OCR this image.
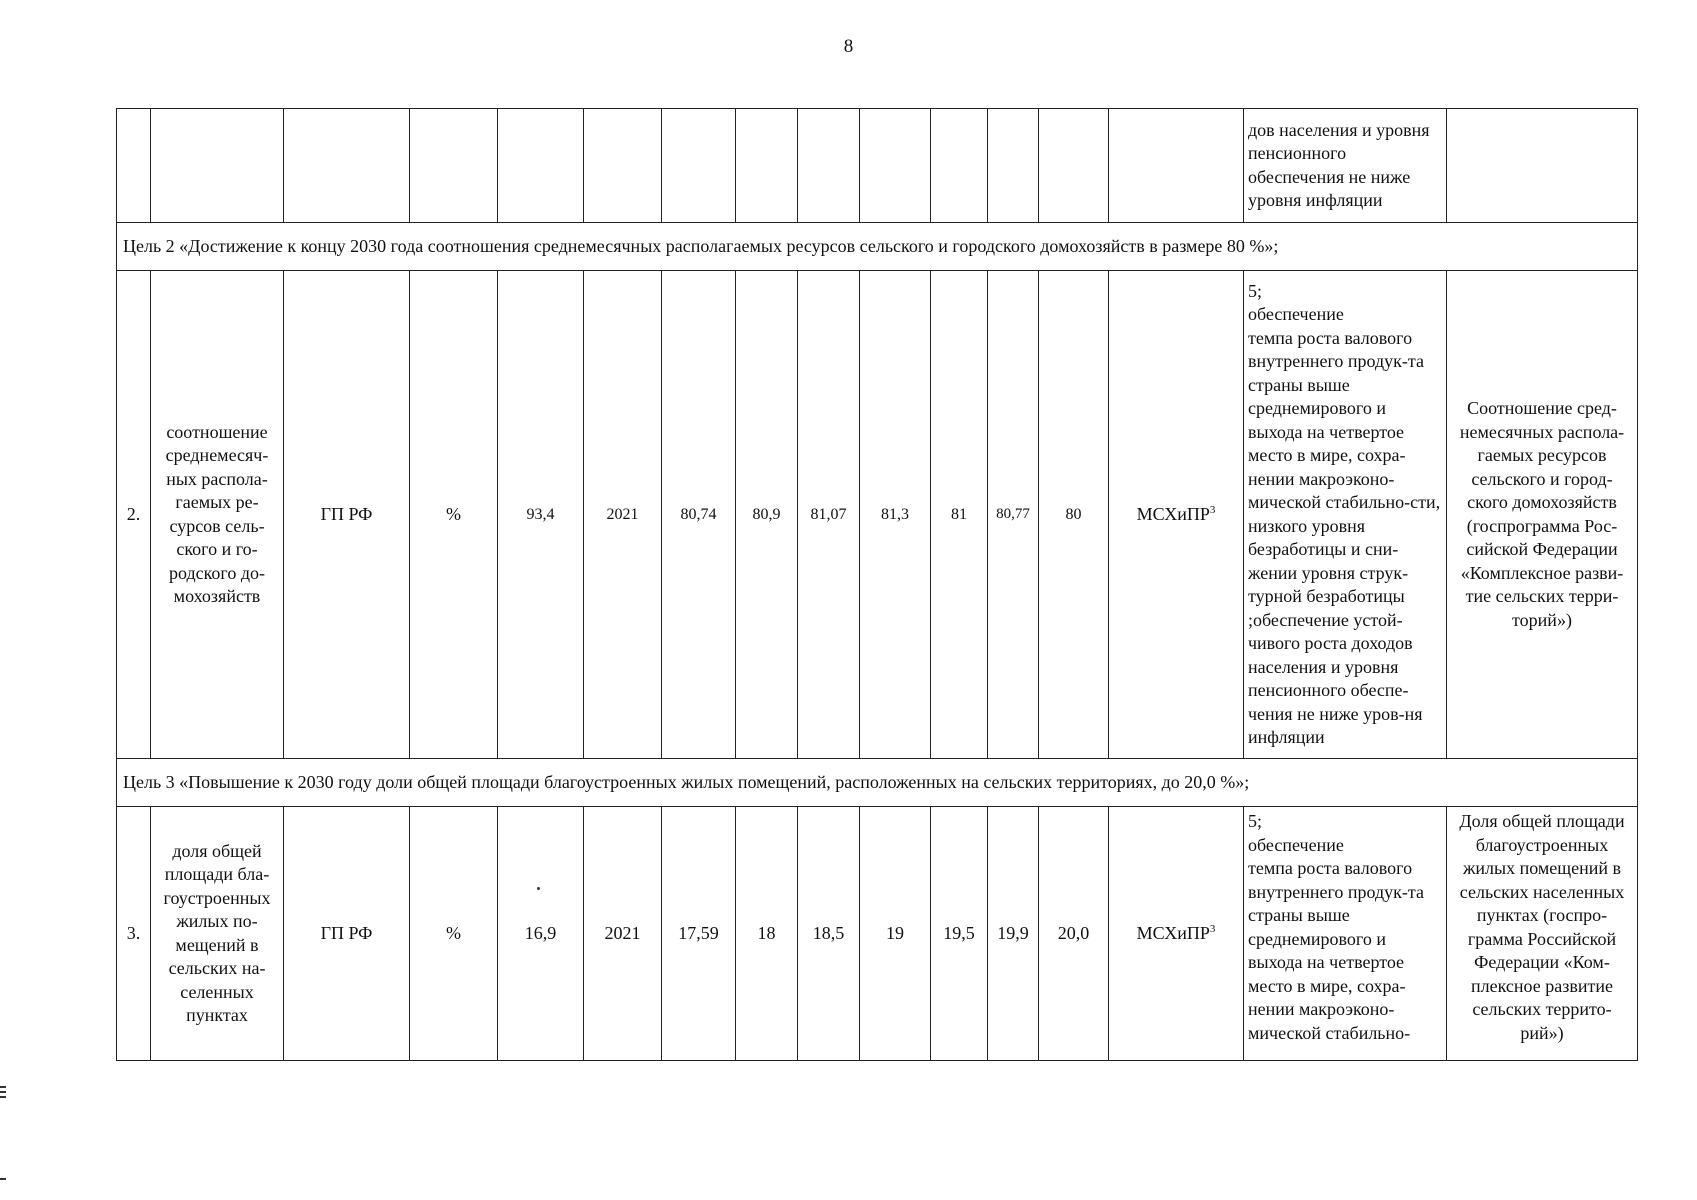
8
														дов населения и уровня пенсионного обеспечения не ниже уровня инфляции	
Цель 2 «Достижение к концу 2030 года соотношения среднемесячных располагаемых ресурсов сельского и городского домохозяйств в размере 80 %»;															
2.	соотношение среднемесяч-ных распола-гаемых ре-сурсов сель-ского и го-родского до-мохозяйств	ГП РФ	%	93,4	2021	80,74	80,9	81,07	81,3	81	80,77	80	МСХиПР$^3$	5;
обеспечение
темпа роста валового внутреннего продук-та страны выше среднемирового и выхода на четвертое место в мире, сохра-нении макроэконо-мической стабильно-сти, низкого уровня безработицы и сни-жении уровня струк-турной безработицы ;обеспечение устой-чивого роста доходов населения и уровня пенсионного обеспе-чения не ниже уров-ня инфляции	Соотношение сред-немесячных распола-гаемых ресурсов сельского и город-ского домохозяйств (госпрограмма Рос-сийской Федерации «Комплексное разви-тие сельских терри-торий»)
Цель 3 «Повышение к 2030 году доли общей площади благоустроенных жилых помещений, расположенных на сельских территориях, до 20,0 %»;															
3.	доля общей площади бла-гоустроенных жилых по-мещений в сельских на-селенных пунктах	ГП РФ	%	16,9	2021	17,59	18	18,5	19	19,5	19,9	20,0	МСХиПР$^3$	5;
обеспечение
темпа роста валового внутреннего продук-та страны выше среднемирового и выхода на четвертое место в мире, сохра-нении макроэконо-мической стабильно-	Доля общей площади благоустроенных жилых помещений в сельских населенных пунктах (госпро-грамма Российской Федерации «Ком-плексное развитие сельских террито-рий»)
